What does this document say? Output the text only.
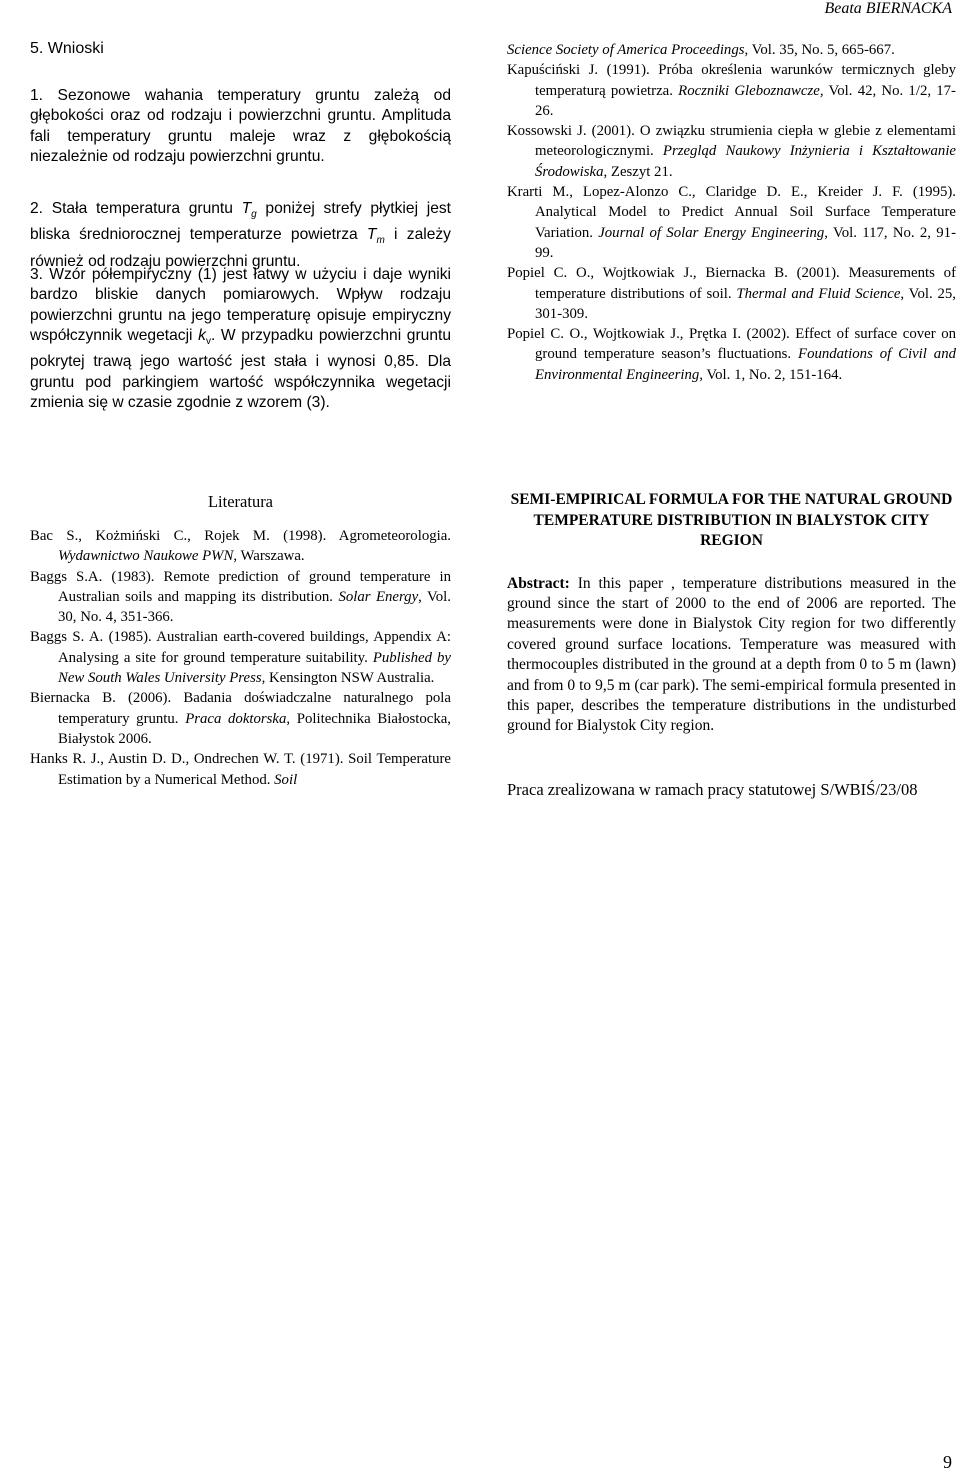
Beata BIERNACKA
5. Wnioski

1. Sezonowe wahania temperatury gruntu zależą od głębokości oraz od rodzaju i powierzchni gruntu. Amplituda fali temperatury gruntu maleje wraz z głębokością niezależnie od rodzaju powierzchni gruntu.

2. Stała temperatura gruntu $T_g$ poniżej strefy płytkiej jest bliska średniorocznej temperaturze powietrza $T_m$ i zależy również od rodzaju powierzchni gruntu.

3. Wzór półempiryczny (1) jest łatwy w użyciu i daje wyniki bardzo bliskie danych pomiarowych. Wpływ rodzaju powierzchni gruntu na jego temperaturę opisuje empiryczny współczynnik wegetacji $k_v$. W przypadku powierzchni gruntu pokrytej trawą jego wartość jest stała i wynosi 0,85. Dla gruntu pod parkingiem wartość współczynnika wegetacji zmienia się w czasie zgodnie z wzorem (3).

Science Society of America Proceedings, Vol. 35, No. 5, 665-667.

Kapuściński J. (1991). Próba określenia warunków termicznych gleby temperaturą powietrza. Roczniki Gleboznawcze, Vol. 42, No. 1/2, 17-26.

Kossowski J. (2001). O związku strumienia ciepła w glebie z elementami meteorologicznymi. Przegląd Naukowy Inżynieria i Kształtowanie Środowiska, Zeszyt 21.

Krarti M., Lopez-Alonzo C., Claridge D. E., Kreider J. F. (1995). Analytical Model to Predict Annual Soil Surface Temperature Variation. Journal of Solar Energy Engineering, Vol. 117, No. 2, 91-99.

Popiel C. O., Wojtkowiak J., Biernacka B. (2001). Measurements of temperature distributions of soil. Thermal and Fluid Science, Vol. 25, 301-309.

Popiel C. O., Wojtkowiak J., Prętka I. (2002). Effect of surface cover on ground temperature season’s fluctuations. Foundations of Civil and Environmental Engineering, Vol. 1, No. 2, 151-164.

Literatura

Bac S., Kożmiński C., Rojek M. (1998). Agrometeorologia. Wydawnictwo Naukowe PWN, Warszawa.

Baggs S.A. (1983). Remote prediction of ground temperature in Australian soils and mapping its distribution. Solar Energy, Vol. 30, No. 4, 351-366.

Baggs S. A. (1985). Australian earth-covered buildings, Appendix A: Analysing a site for ground temperature suitability. Published by New South Wales University Press, Kensington NSW Australia.

Biernacka B. (2006). Badania doświadczalne naturalnego pola temperatury gruntu. Praca doktorska, Politechnika Białostocka, Białystok 2006.

Hanks R. J., Austin D. D., Ondrechen W. T. (1971). Soil Temperature Estimation by a Numerical Method. Soil

SEMI-EMPIRICAL FORMULA FOR THE NATURAL GROUND TEMPERATURE DISTRIBUTION IN BIALYSTOK CITY REGION

Abstract: In this paper , temperature distributions measured in the ground since the start of 2000 to the end of 2006 are reported. The measurements were done in Bialystok City region for two differently covered ground surface locations. Temperature was measured with thermocouples distributed in the ground at a depth from 0 to 5 m (lawn) and from 0 to 9,5 m (car park). The semi-empirical formula presented in this paper, describes the temperature distributions in the undisturbed ground for Bialystok City region.

Praca zrealizowana w ramach pracy statutowej S/WBIŚ/23/08

9
